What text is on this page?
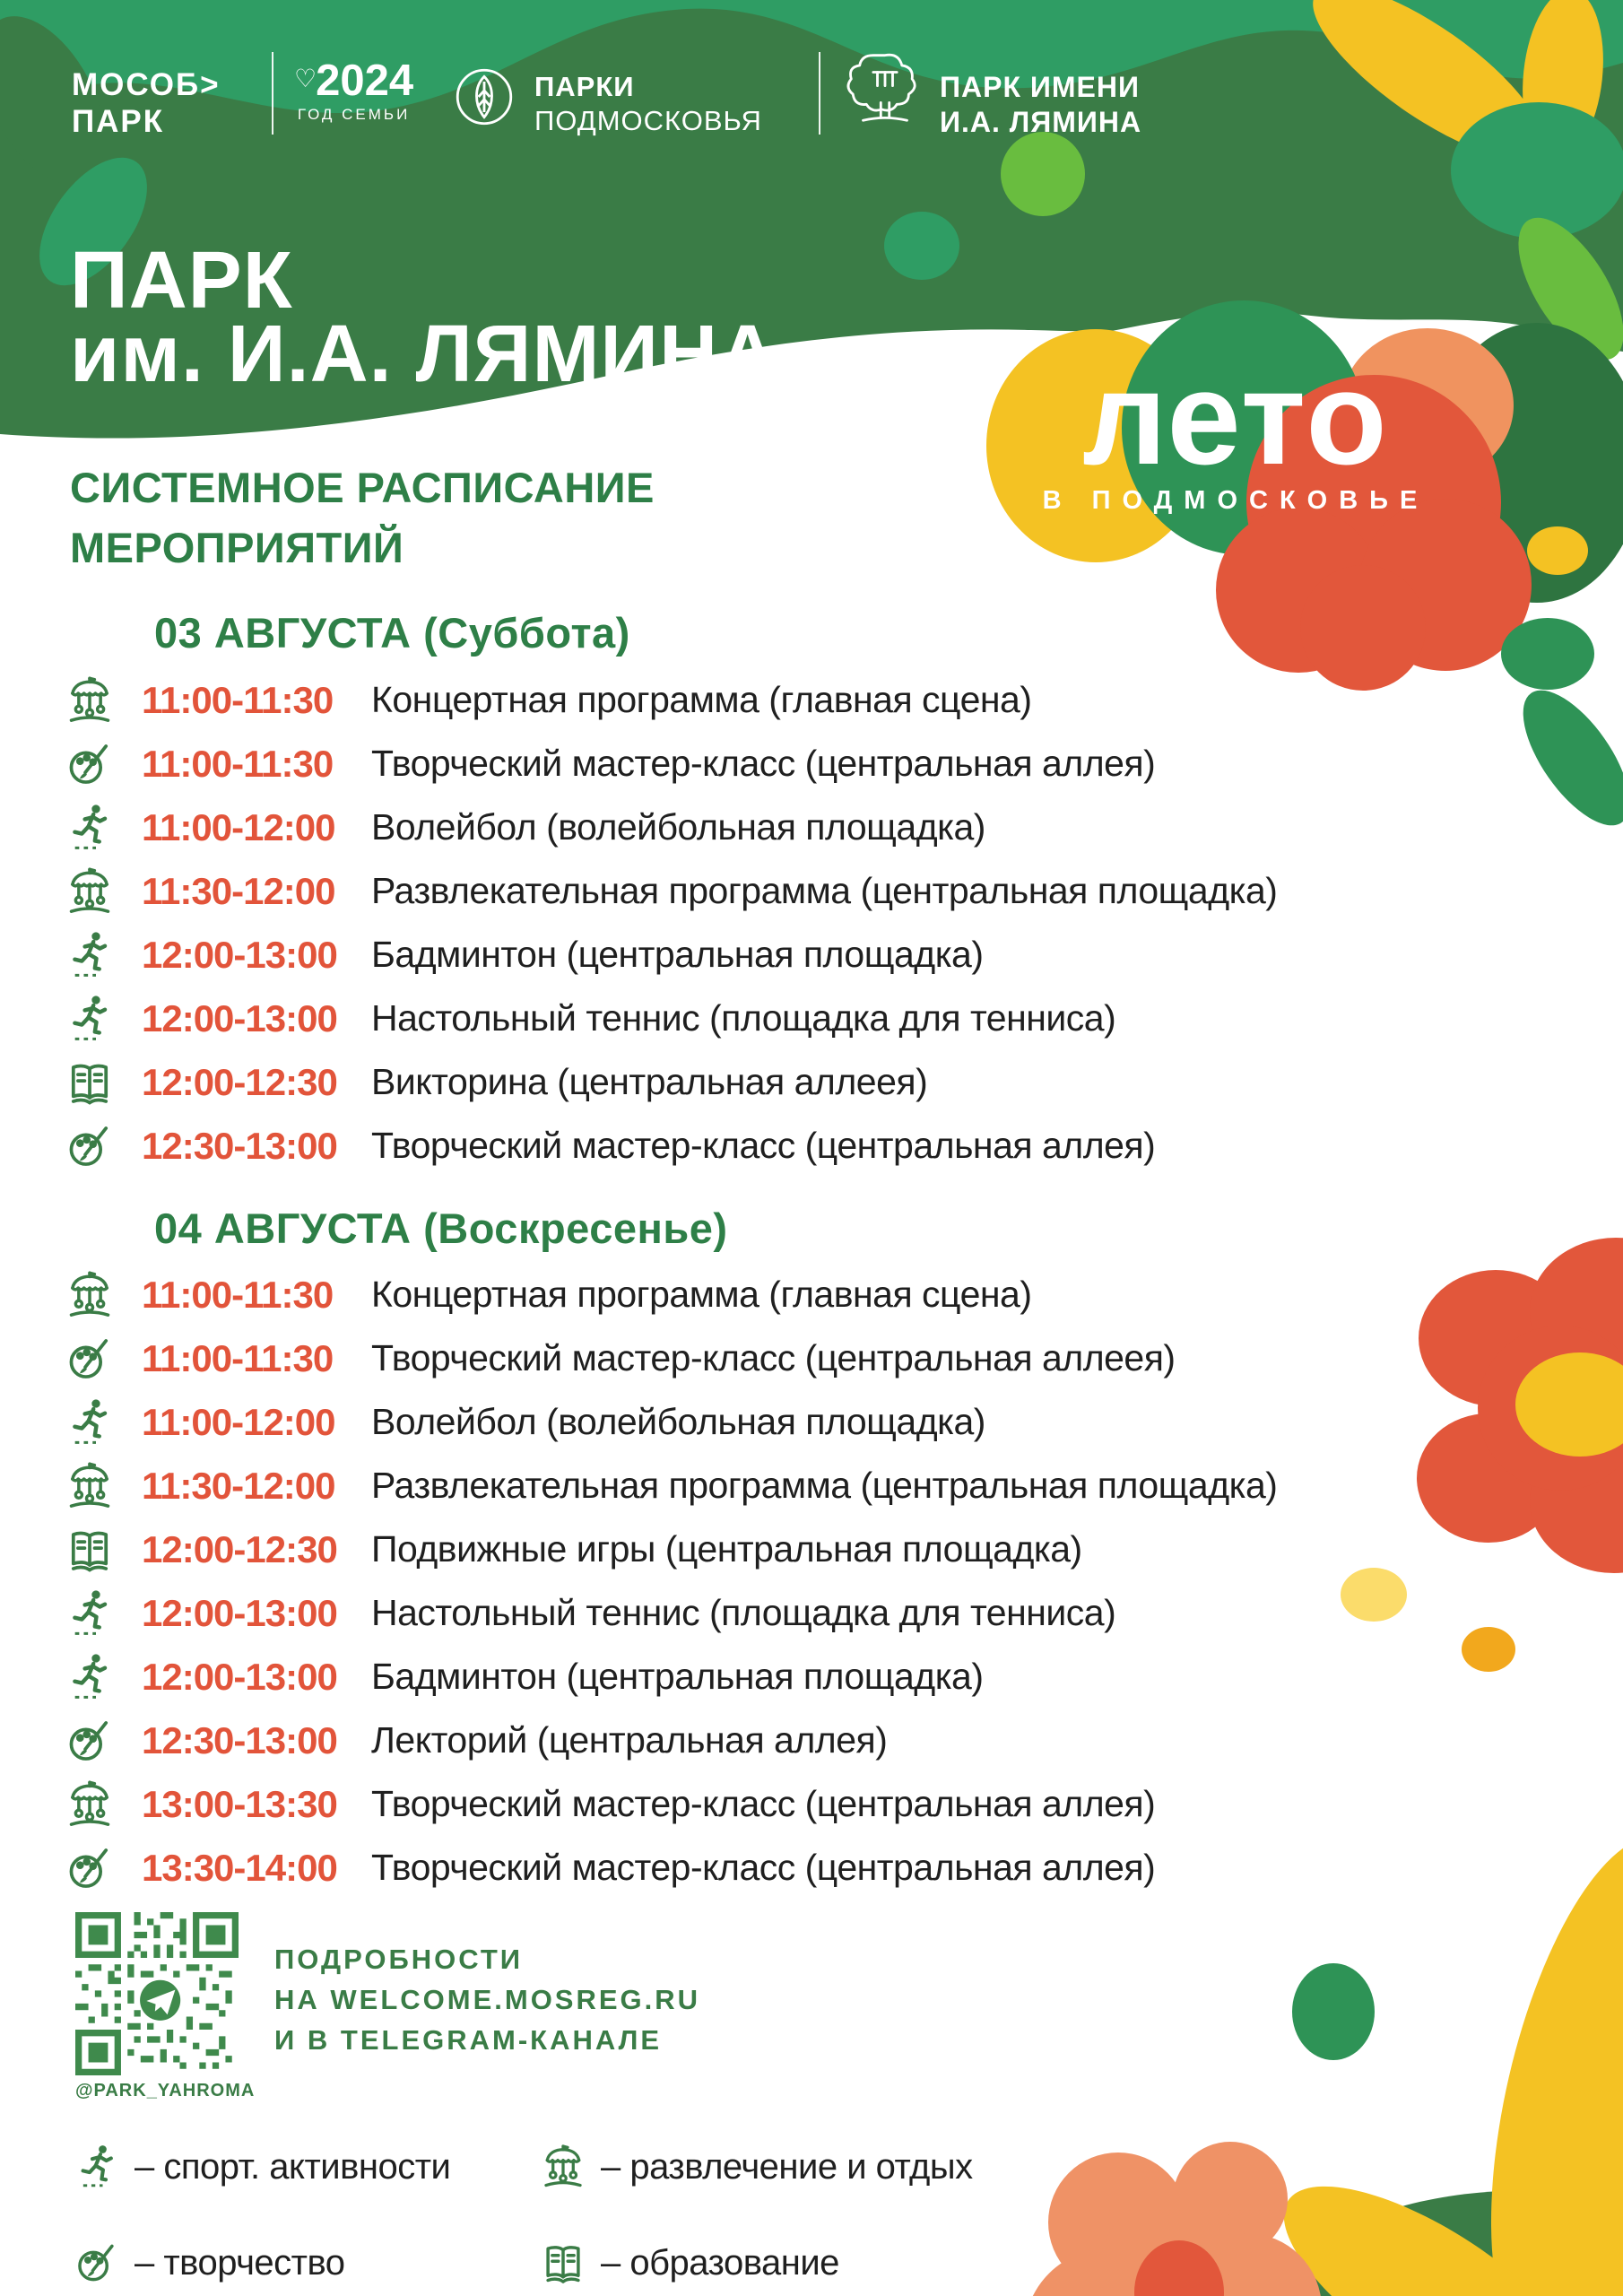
МОСОБ>
ПАРК
♡2024
ГОД СЕМЬИ
ПАРКИ
ПОДМОСКОВЬЯ
ПАРК ИМЕНИ
И.А. ЛЯМИНА
ПАРК
им. И.А. ЛЯМИНА	лето
В ПОДМОСКОВЬЕ
СИСТЕМНОЕ РАСПИСАНИЕ
МЕРОПРИЯТИЙ
03 АВГУСТА (Суббота)
11:00-11:30	Концертная программа (главная сцена)
11:00-11:30	Творческий мастер-класс (центральная аллея)
11:00-12:00 Волейбол (волейбольная площадка)
11:30-12:00 Развлекательная программа (центральная площадка)
12:00-13:00 Бадминтон (центральная площадка)
12:00-13:00 Настольный теннис (площадка для тенниса)
12:00-12:30 Викторина (центральная аллеея)
12:30-13:00 Творческий мастер-класс (центральная аллея)
04 АВГУСТА (Воскресенье)
11:00-11:30	Концертная программа (главная сцена)
11:00-11:30	Творческий мастер-класс (центральная аллеея)
11:00-12:00 Волейбол (волейбольная площадка)
11:30-12:00 Развлекательная программа (центральная площадка)
12:00-12:30 Подвижные игры (центральная площадка)
12:00-13:00 Настольный теннис (площадка для тенниса)
12:00-13:00 Бадминтон (центральная площадка)
12:30-13:00 Лекторий (центральная аллея)
13:00-13:30 Творческий мастер-класс (центральная аллея)
13:30-14:00 Творческий мастер-класс (центральная аллея)
ПОДРОБНОСТИ
НА WELCOME.MOSREG.RU
И В TELEGRAM-КАНАЛЕ
@PARK_YAHROMA
– спорт. активности	– развлечение и отдых
– творчество	– образование
